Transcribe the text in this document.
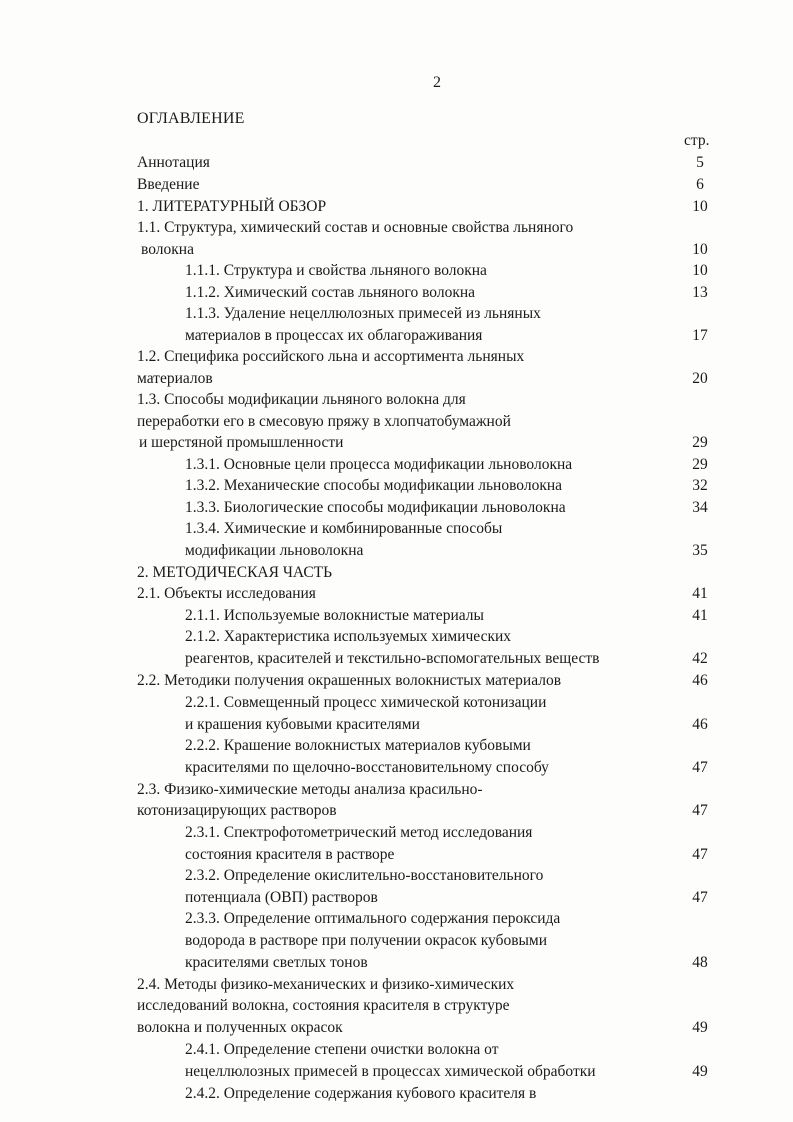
2
ОГЛАВЛЕНИЕ
стр.
Аннотация	5
Введение	6
1. ЛИТЕРАТУРНЫЙ ОБЗОР	10
1.1. Структура, химический состав и основные свойства льняного
волокна	10
1.1.1. Структура и свойства льняного волокна	10
1.1.2. Химический состав льняного волокна	13
1.1.3. Удаление нецеллюлозных примесей из льняных
материалов в процессах их облагораживания	17
1.2. Специфика российского льна и ассортимента льняных
материалов	20
1.3. Способы модификации льняного волокна для
переработки его в смесовую пряжу в хлопчатобумажной
и шерстяной промышленности	29
1.3.1. Основные цели процесса модификации льноволокна	29
1.3.2. Механические способы модификации льноволокна	32
1.3.3. Биологические способы модификации льноволокна	34
1.3.4. Химические и комбинированные способы
модификации льноволокна	35
2. МЕТОДИЧЕСКАЯ ЧАСТЬ
2.1. Объекты исследования	41
2.1.1. Используемые волокнистые материалы	41
2.1.2. Характеристика используемых химических
реагентов, красителей и текстильно-вспомогательных веществ	42
2.2. Методики получения окрашенных волокнистых материалов	46
2.2.1. Совмещенный процесс химической котонизации
и крашения кубовыми красителями	46
2.2.2. Крашение волокнистых материалов кубовыми
красителями по щелочно-восстановительному способу	47
2.3. Физико-химические методы анализа красильно-
котонизацирующих растворов	47
2.3.1. Спектрофотометрический метод исследования
состояния красителя в растворе	47
2.3.2. Определение окислительно-восстановительного
потенциала (ОВП) растворов	47
2.3.3. Определение оптимального содержания пероксида
водорода в растворе при получении окрасок кубовыми
красителями светлых тонов	48
2.4. Методы физико-механических и физико-химических
исследований волокна, состояния красителя в структуре
волокна и полученных окрасок	49
2.4.1. Определение степени очистки волокна от
нецеллюлозных примесей в процессах химической обработки	49
2.4.2. Определение содержания кубового красителя в
